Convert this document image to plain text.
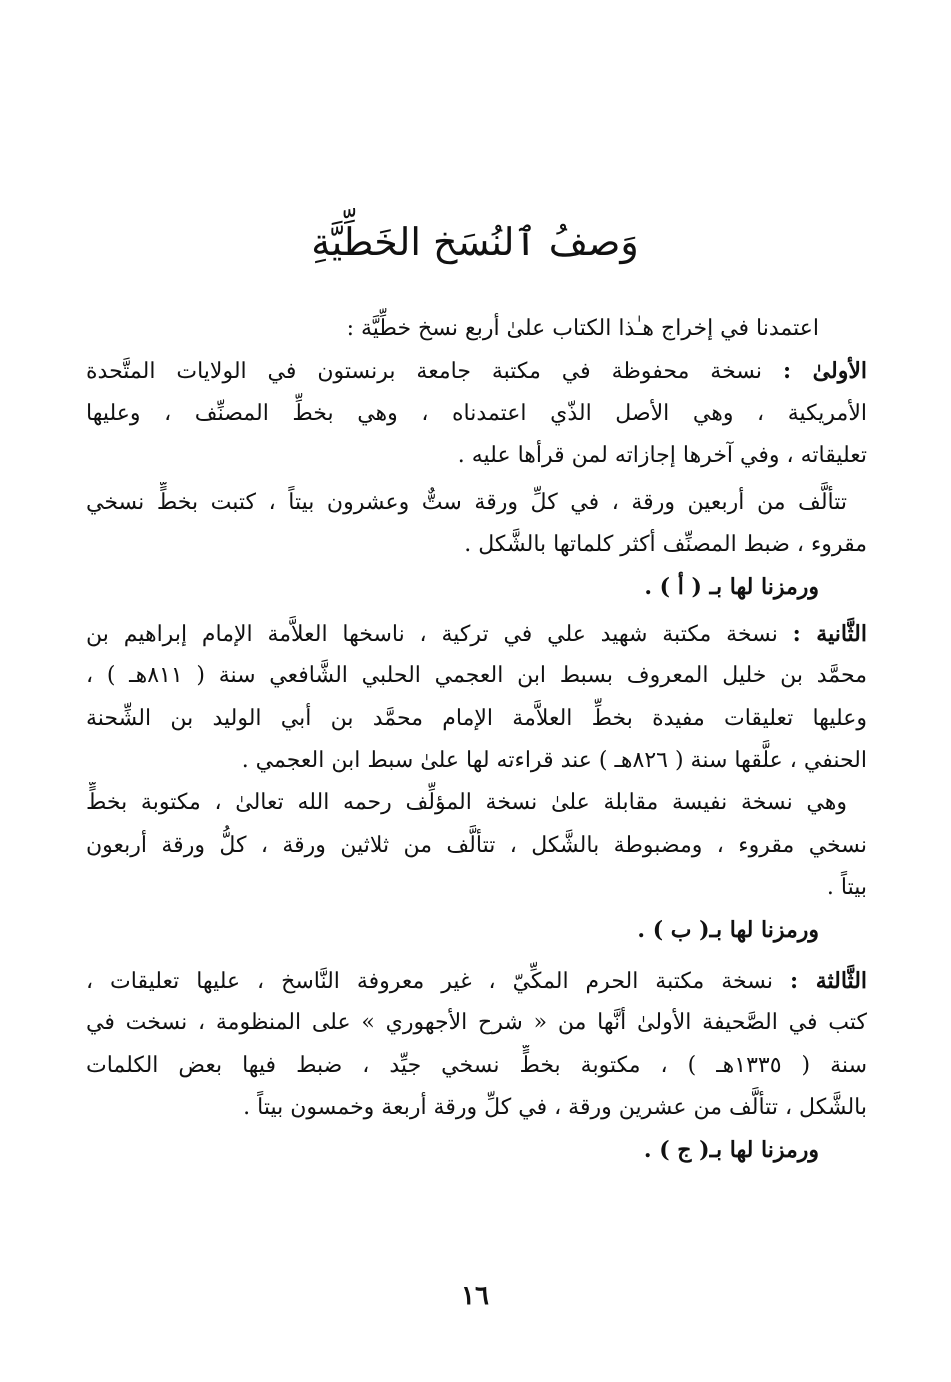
وَصفُ ٱلنُسَخ الخَطِّيَّةِ
اعتمدنا في إخراج هـٰذا الكتاب علىٰ أربع نسخ خطِّيَّة :
الأولىٰ : نسخة محفوظة في مكتبة جامعة برنستون في الولايات المتَّحدة
الأمريكية ، وهي الأصل الذّي اعتمدناه ، وهي بخطِّ المصنِّف ، وعليها
تعليقاته ، وفي آخرها إجازاته لمن قرأها عليه .
تتألَّف من أربعين ورقة ، في كلِّ ورقة ستٌّ وعشرون بيتاً ، كتبت بخطٍّ نسخي
مقروء ، ضبط المصنِّف أكثر كلماتها بالشَّكل .
ورمزنا لها بـ ( أ ) .
الثَّانية : نسخة مكتبة شهيد علي في تركية ، ناسخها العلاَّمة الإمام إبراهيم بن
محمَّد بن خليل المعروف بسبط ابن العجمي الحلبي الشَّافعي سنة ( ٨١١هـ ) ،
وعليها تعليقات مفيدة بخطِّ العلاَّمة الإمام محمَّد بن أبي الوليد بن الشِّحنة
الحنفي ، علَّقها سنة ( ٨٢٦هـ ) عند قراءته لها علىٰ سبط ابن العجمي .
وهي نسخة نفيسة مقابلة علىٰ نسخة المؤلِّف رحمه الله تعالىٰ ، مكتوبة بخطٍّ
نسخي مقروء ، ومضبوطة بالشَّكل ، تتألَّف من ثلاثين ورقة ، كلُّ ورقة أربعون
بيتاً .
ورمزنا لها بـ( ب ) .
الثَّالثة : نسخة مكتبة الحرم المكِّيّ ، غير معروفة النَّاسخ ، عليها تعليقات ،
كتب في الصَّحيفة الأولىٰ أنَّها من « شرح الأجهوري » على المنظومة ، نسخت في
سنة ( ١٣٣٥هـ ) ، مكتوبة بخطٍّ نسخي جيِّد ، ضبط فيها بعض الكلمات
بالشَّكل ، تتألَّف من عشرين ورقة ، في كلِّ ورقة أربعة وخمسون بيتاً .
ورمزنا لها بـ( ج ) .
١٦
